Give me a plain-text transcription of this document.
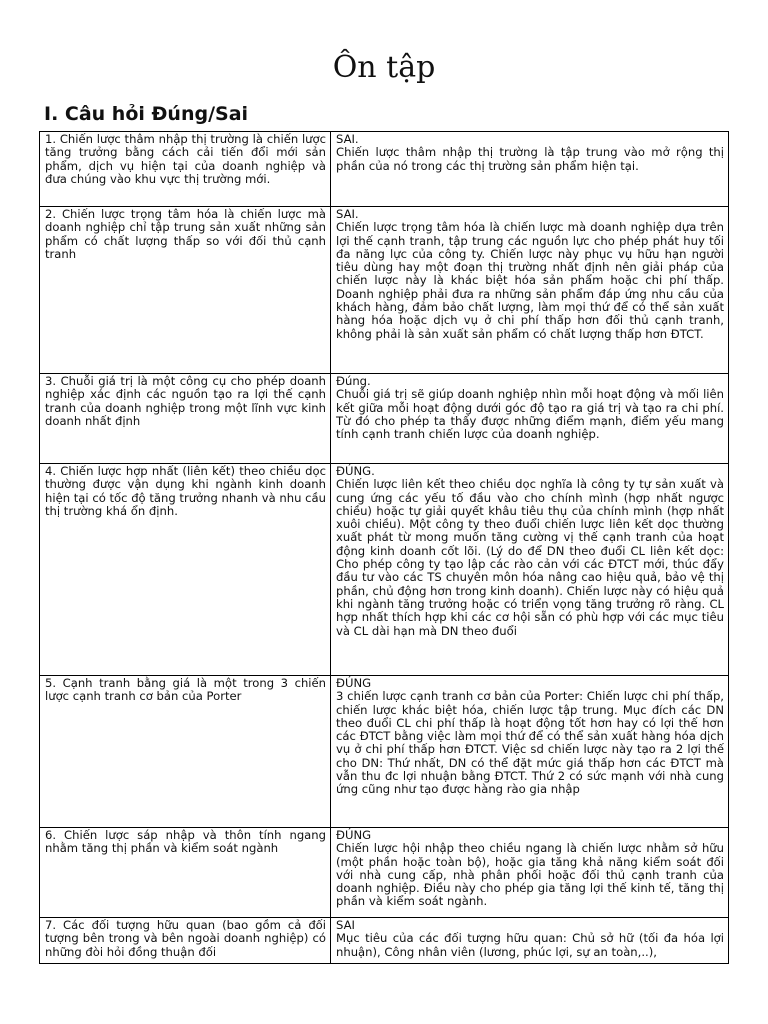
Ôn tập
I. Câu hỏi Đúng/Sai
1. Chiến lược thâm nhập thị trường là chiến lược tăng trưởng bằng cách cải tiến đổi mới sản phẩm, dịch vụ hiện tại của doanh nghiệp và đưa chúng vào khu vực thị trường mới.	SAI.
Chiến lược thâm nhập thị trường là tập trung vào mở rộng thị phần của nó trong các thị trường sản phẩm hiện tại.

2. Chiến lược trọng tâm hóa là chiến lược mà doanh nghiệp chỉ tập trung sản xuất những sản phẩm có chất lượng thấp so với đối thủ cạnh tranh	SAI.
Chiến lược trọng tâm hóa là chiến lược mà doanh nghiệp dựa trên lợi thế cạnh tranh, tập trung các nguồn lực cho phép phát huy tối đa năng lực của công ty. Chiến lược này phục vụ hữu hạn người tiêu dùng hay một đoạn thị trường nhất định nên giải pháp của chiến lược này là khác biệt hóa sản phẩm hoặc chi phí thấp. Doanh nghiệp phải đưa ra những sản phẩm đáp ứng nhu cầu của khách hàng, đảm bảo chất lượng, làm mọi thứ để có thể sản xuất hàng hóa hoặc dịch vụ ở chi phí thấp hơn đối thủ cạnh tranh, không phải là sản xuất sản phẩm có chất lượng thấp hơn ĐTCT.

3. Chuỗi giá trị là một công cụ cho phép doanh nghiệp xác định các nguồn tạo ra lợi thế cạnh tranh của doanh nghiệp trong một lĩnh vực kinh doanh nhất định	Đúng.
Chuỗi giá trị sẽ giúp doanh nghiệp nhìn mỗi hoạt động và mối liên kết giữa mỗi hoạt động dưới góc độ tạo ra giá trị và tạo ra chi phí. Từ đó cho phép ta thấy được những điểm mạnh, điểm yếu mang tính cạnh tranh chiến lược của doanh nghiệp.

4. Chiến lược hợp nhất (liên kết) theo chiều dọc thường được vận dụng khi ngành kinh doanh hiện tại có tốc độ tăng trưởng nhanh và nhu cầu thị trường khá ổn định.	ĐÚNG.
Chiến lược liên kết theo chiều dọc nghĩa là công ty tự sản xuất và cung ứng các yếu tố đầu vào cho chính mình (hợp nhất ngược chiều) hoặc tự giải quyết khâu tiêu thụ của chính mình (hợp nhất xuôi chiều). Một công ty theo đuổi chiến lược liên kết dọc thường xuất phát từ mong muốn tăng cường vị thế cạnh tranh của hoạt động kinh doanh cốt lõi. (Lý do để DN theo đuổi CL liên kết dọc: Cho phép công ty tạo lập các rào cản với các ĐTCT mới, thúc đẩy đầu tư vào các TS chuyên môn hóa nâng cao hiệu quả, bảo vệ thị phần, chủ động hơn trong kinh doanh). Chiến lược này có hiệu quả khi ngành tăng trưởng hoặc có triển vọng tăng trưởng rõ ràng. CL hợp nhất thích hợp khi các cơ hội sẵn có phù hợp với các mục tiêu và CL dài hạn mà DN theo đuổi

5. Cạnh tranh bằng giá là một trong 3 chiến lược cạnh tranh cơ bản của Porter	ĐÚNG
3 chiến lược cạnh tranh cơ bản của Porter: Chiến lược chi phí thấp, chiến lược khác biệt hóa, chiến lược tập trung. Mục đích các DN theo đuổi CL chi phí thấp là hoạt động tốt hơn hay có lợi thế hơn các ĐTCT bằng việc làm mọi thứ để có thể sản xuất hàng hóa dịch vụ ở chi phí thấp hơn ĐTCT. Việc sd chiến lược này tạo ra 2 lợi thế cho DN: Thứ nhất, DN có thể đặt mức giá thấp hơn các ĐTCT mà vẫn thu đc lợi nhuận bằng ĐTCT. Thứ 2 có sức mạnh với nhà cung ứng cũng như tạo được hàng rào gia nhập

6. Chiến lược sáp nhập và thôn tính ngang nhằm tăng thị phần và kiểm soát ngành	ĐÚNG
Chiến lược hội nhập theo chiều ngang là chiến lược nhằm sở hữu (một phần hoặc toàn bộ), hoặc gia tăng khả năng kiểm soát đối với nhà cung cấp, nhà phân phối hoặc đối thủ cạnh tranh của doanh nghiệp. Điều này cho phép gia tăng lợi thế kinh tế, tăng thị phần và kiểm soát ngành.

7. Các đối tượng hữu quan (bao gồm cả đối tượng bên trong và bên ngoài doanh nghiệp) có những đòi hỏi đồng thuận đối	SAI
Mục tiêu của các đối tượng hữu quan: Chủ sở hữ (tối đa hóa lợi nhuận), Công nhân viên (lương, phúc lợi, sự an toàn,..),
